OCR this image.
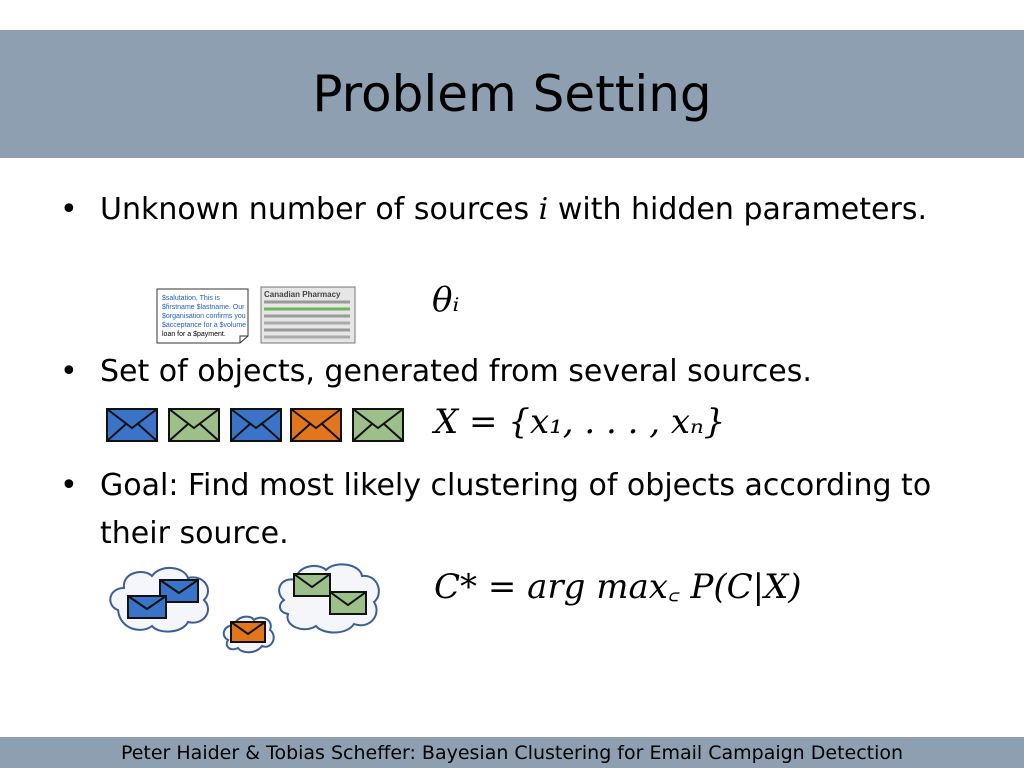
Problem Setting
• Unknown number of sources i with hidden parameters.
$salutation, This is
$firstname $lastname. Our
$organisation confirms you
$acceptance for a $volume
loan for a $payment.
Canadian Pharmacy	θᵢ
• Set of objects, generated from several sources.
X = {x₁, . . . , xₙ}
• Goal: Find most likely clustering of objects according to their source.
C* = arg max꜀ P(C|X)
Peter Haider & Tobias Scheffer: Bayesian Clustering for Email Campaign Detection
